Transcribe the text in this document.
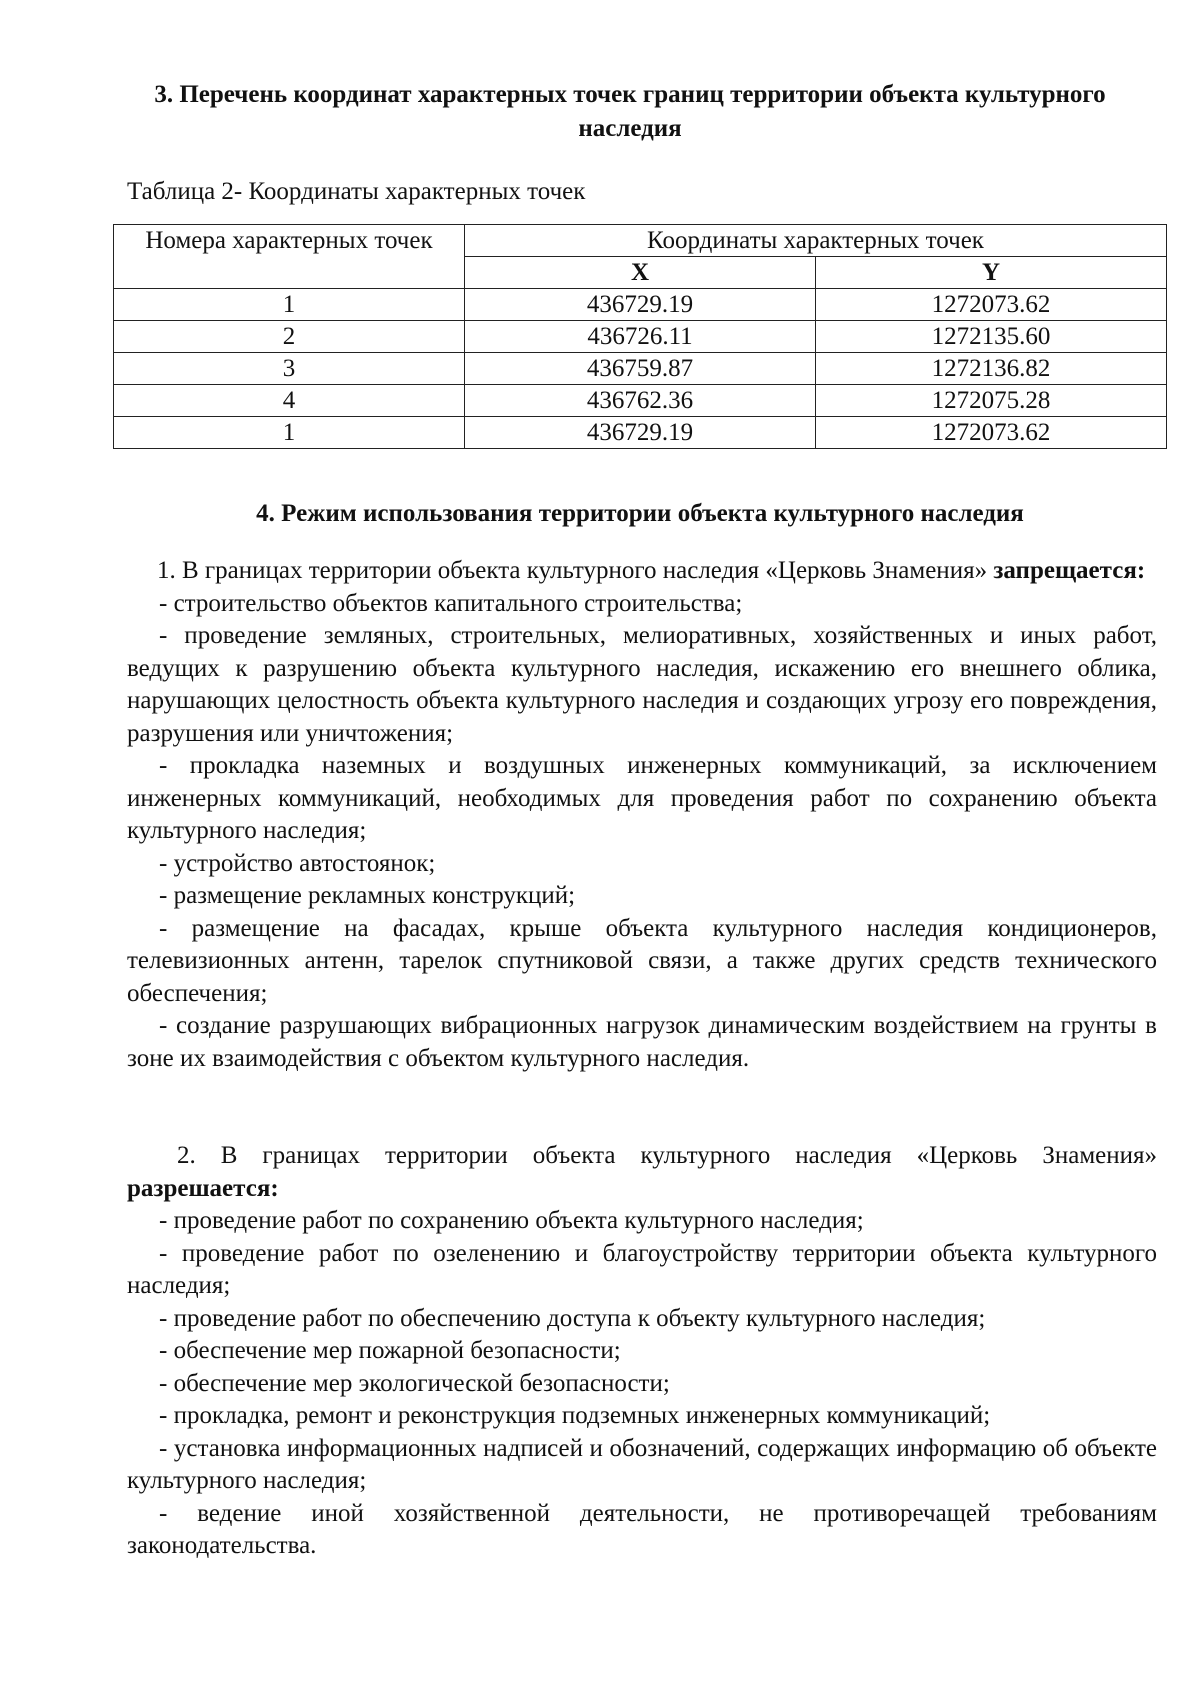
3. Перечень координат характерных точек границ территории объекта культурного наследия
Таблица 2- Координаты характерных точек
Номера характерных точек	Координаты характерных точек	
	X	Y
1	436729.19	1272073.62
2	436726.11	1272135.60
3	436759.87	1272136.82
4	436762.36	1272075.28
1	436729.19	1272073.62
4. Режим использования территории объекта культурного наследия

1. В границах территории объекта культурного наследия «Церковь Знамения» запрещается:

- строительство объектов капитального строительства;

- проведение земляных, строительных, мелиоративных, хозяйственных и иных работ, ведущих к разрушению объекта культурного наследия, искажению его внешнего облика, нарушающих целостность объекта культурного наследия и создающих угрозу его повреждения, разрушения или уничтожения;

- прокладка наземных и воздушных инженерных коммуникаций, за исключением инженерных коммуникаций, необходимых для проведения работ по сохранению объекта культурного наследия;

- устройство автостоянок;

- размещение рекламных конструкций;

- размещение на фасадах, крыше объекта культурного наследия кондиционеров, телевизионных антенн, тарелок спутниковой связи, а также других средств технического обеспечения;

- создание разрушающих вибрационных нагрузок динамическим воздействием на грунты в зоне их взаимодействия с объектом культурного наследия.

2. В границах территории объекта культурного наследия «Церковь Знамения» разрешается:

- проведение работ по сохранению объекта культурного наследия;

- проведение работ по озеленению и благоустройству территории объекта культурного наследия;

- проведение работ по обеспечению доступа к объекту культурного наследия;

- обеспечение мер пожарной безопасности;

- обеспечение мер экологической безопасности;

- прокладка, ремонт и реконструкция подземных инженерных коммуникаций;

- установка информационных надписей и обозначений, содержащих информацию об объекте культурного наследия;

- ведение иной хозяйственной деятельности, не противоречащей требованиям законодательства.
